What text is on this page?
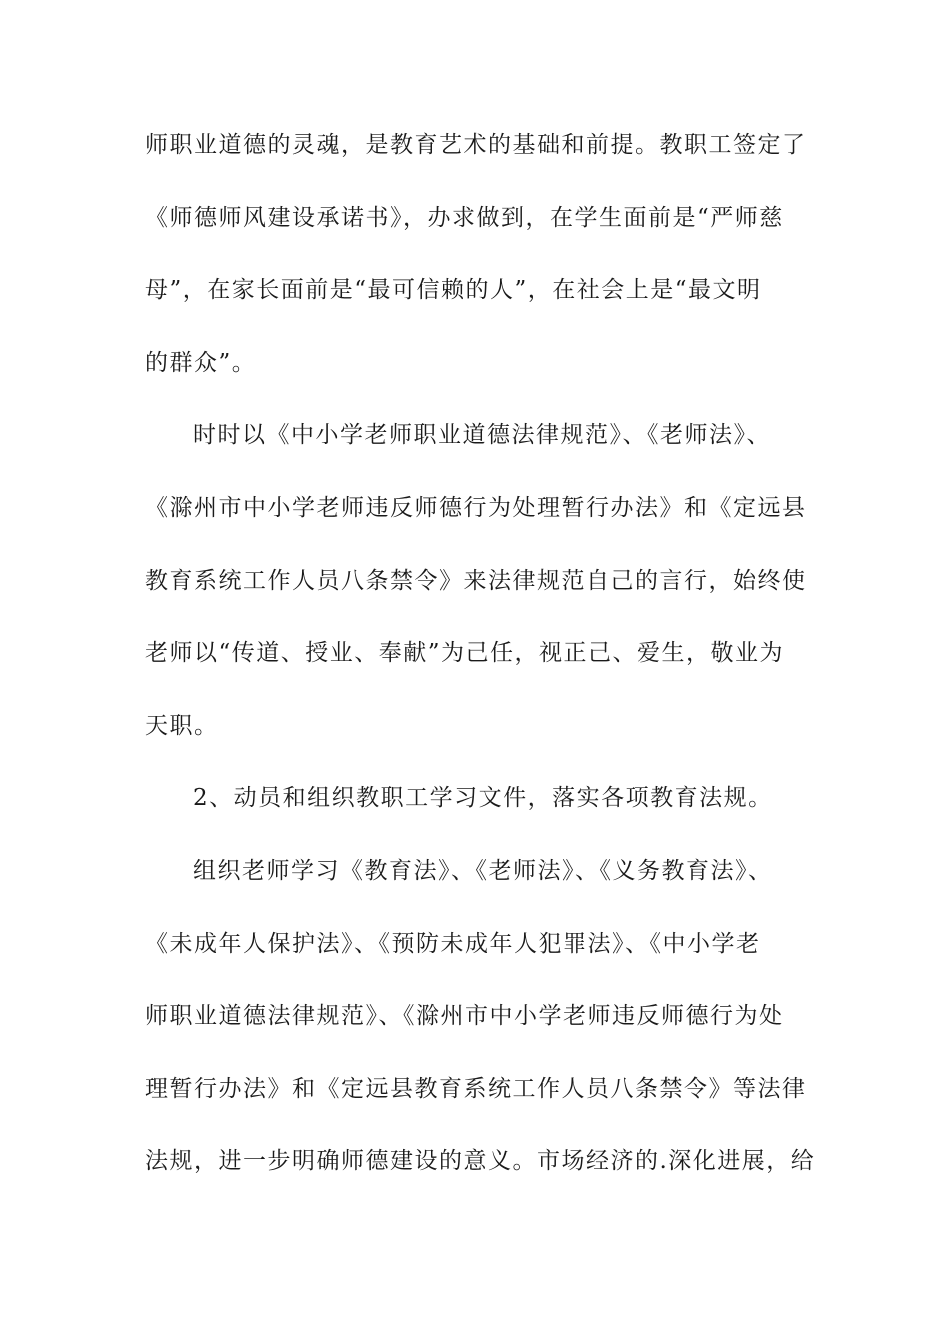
师职业道德的灵魂，是教育艺术的基础和前提。教职工签定了

《师德师风建设承诺书》，办求做到，在学生面前是“严师慈

母”，在家长面前是“最可信赖的人”，在社会上是“最文明

的群众”。

时时以《中小学老师职业道德法律规范》、《老师法》、

《滁州市中小学老师违反师德行为处理暂行办法》和《定远县

教育系统工作人员八条禁令》来法律规范自己的言行，始终使

老师以“传道、授业、奉献”为己任，视正己、爱生，敬业为

天职。

2、动员和组织教职工学习文件，落实各项教育法规。

组织老师学习《教育法》、《老师法》、《义务教育法》、

《未成年人保护法》、《预防未成年人犯罪法》、《中小学老

师职业道德法律规范》、《滁州市中小学老师违反师德行为处

理暂行办法》和《定远县教育系统工作人员八条禁令》等法律

法规，进一步明确师德建设的意义。市场经济的.深化进展，给
